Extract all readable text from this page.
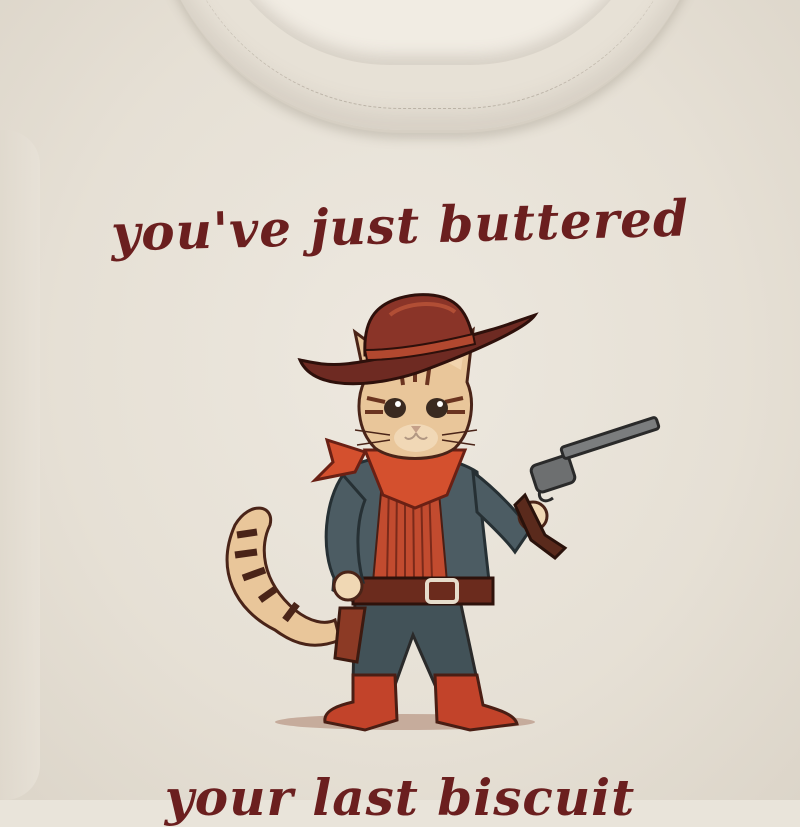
you've just buttered
your last biscuit
